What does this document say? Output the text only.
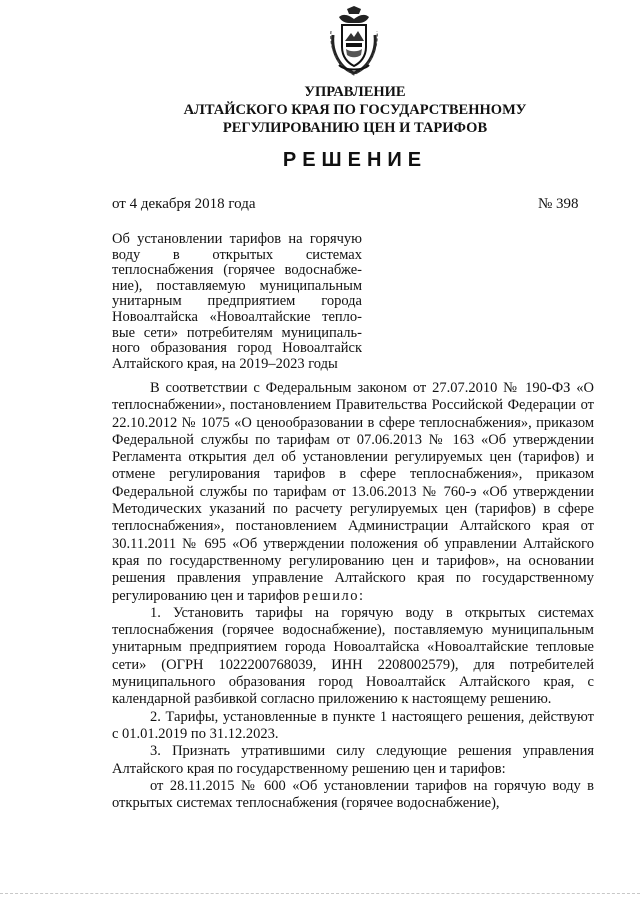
УПРАВЛЕНИЕ
АЛТАЙСКОГО КРАЯ ПО ГОСУДАРСТВЕННОМУ
РЕГУЛИРОВАНИЮ ЦЕН И ТАРИФОВ
РЕШЕНИЕ
от 4 декабря 2018 года	№ 398
Об установлении тарифов на горячую
воду в открытых системах
теплоснабжения (горячее водоснабже-
ние), поставляемую муниципальным
унитарным предприятием города
Новоалтайска «Новоалтайские тепло-
вые сети» потребителям муниципаль-
ного образования город Новоалтайск
Алтайского края, на 2019–2023 годы

В соответствии с Федеральным законом от 27.07.2010 № 190-ФЗ «О теплоснабжении», постановлением Правительства Российской Федерации от 22.10.2012 № 1075 «О ценообразовании в сфере теплоснабжения», приказом Федеральной службы по тарифам от 07.06.2013 № 163 «Об утверждении Регламента открытия дел об установлении регулируемых цен (тарифов) и отмене регулирования тарифов в сфере теплоснабжения», приказом Федеральной службы по тарифам от 13.06.2013 № 760-э «Об утверждении Методических указаний по расчету регулируемых цен (тарифов) в сфере теплоснабжения», постановлением Администрации Алтайского края от 30.11.2011 № 695 «Об утверждении положения об управлении Алтайского края по государственному регулированию цен и тарифов», на основании решения правления управление Алтайского края по государственному регулированию цен и тарифов решило:

1. Установить тарифы на горячую воду в открытых системах теплоснабжения (горячее водоснабжение), поставляемую муниципальным унитарным предприятием города Новоалтайска «Новоалтайские тепловые сети» (ОГРН 1022200768039, ИНН 2208002579), для потребителей муниципального образования город Новоалтайск Алтайского края, с календарной разбивкой согласно приложению к настоящему решению.

2. Тарифы, установленные в пункте 1 настоящего решения, действуют с 01.01.2019 по 31.12.2023.

3. Признать утратившими силу следующие решения управления Алтайского края по государственному решению цен и тарифов:

от 28.11.2015 № 600 «Об установлении тарифов на горячую воду в открытых системах теплоснабжения (горячее водоснабжение),
